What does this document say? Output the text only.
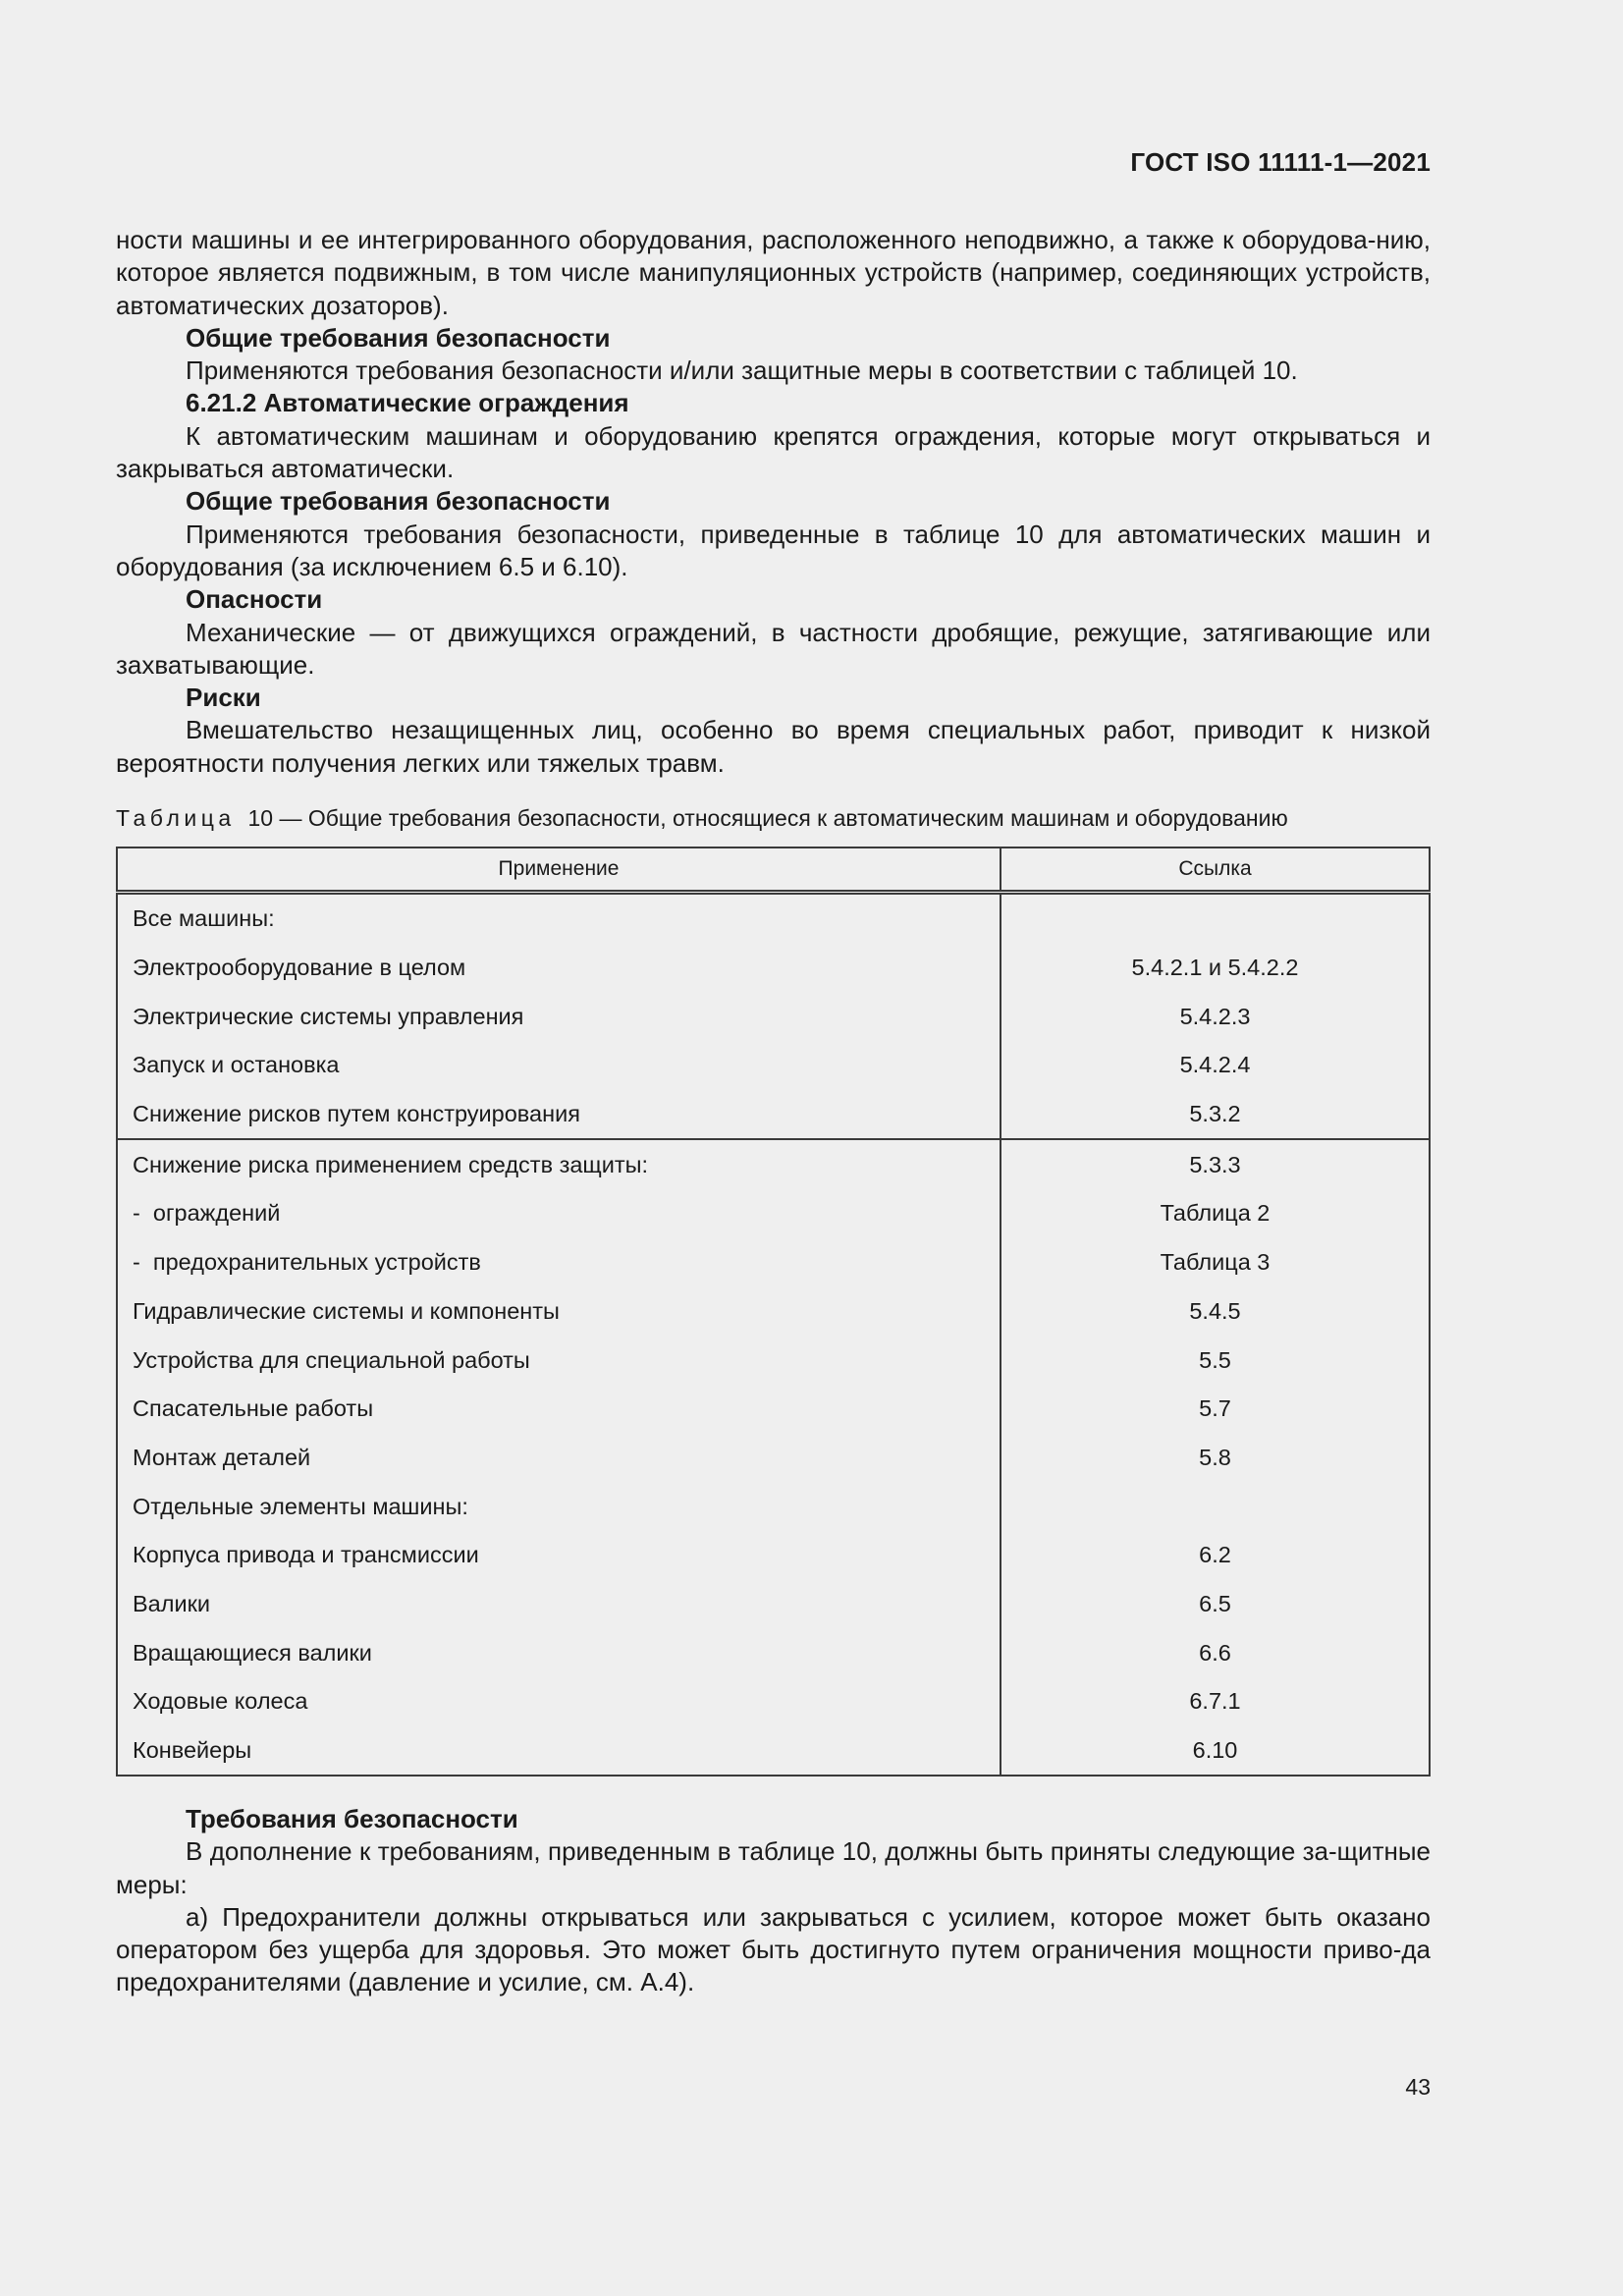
ГОСТ ISO 11111-1—2021

ности машины и ее интегрированного оборудования, расположенного неподвижно, а также к оборудова-нию, которое является подвижным, в том числе манипуляционных устройств (например, соединяющих устройств, автоматических дозаторов).

Общие требования безопасности

Применяются требования безопасности и/или защитные меры в соответствии с таблицей 10.

6.21.2 Автоматические ограждения

К автоматическим машинам и оборудованию крепятся ограждения, которые могут открываться и закрываться автоматически.

Общие требования безопасности

Применяются требования безопасности, приведенные в таблице 10 для автоматических машин и оборудования (за исключением 6.5 и 6.10).

Опасности

Механические — от движущихся ограждений, в частности дробящие, режущие, затягивающие или захватывающие.

Риски

Вмешательство незащищенных лиц, особенно во время специальных работ, приводит к низкой вероятности получения легких или тяжелых травм.

Таблица 10 — Общие требования безопасности, относящиеся к автоматическим машинам и оборудованию
Применение	Ссылка
Все машины:	
Электрооборудование в целом	5.4.2.1 и 5.4.2.2
Электрические системы управления	5.4.2.3
Запуск и остановка	5.4.2.4
Снижение рисков путем конструирования	5.3.2
Снижение риска применением средств защиты:	5.3.3
-  ограждений	Таблица 2
-  предохранительных устройств	Таблица 3
Гидравлические системы и компоненты	5.4.5
Устройства для специальной работы	5.5
Спасательные работы	5.7
Монтаж деталей	5.8
Отдельные элементы машины:	
Корпуса привода и трансмиссии	6.2
Валики	6.5
Вращающиеся валики	6.6
Ходовые колеса	6.7.1
Конвейеры	6.10

Требования безопасности

В дополнение к требованиям, приведенным в таблице 10, должны быть приняты следующие за-щитные меры:

а) Предохранители должны открываться или закрываться с усилием, которое может быть оказано оператором без ущерба для здоровья. Это может быть достигнуто путем ограничения мощности приво-да предохранителями (давление и усилие, см. А.4).

43
